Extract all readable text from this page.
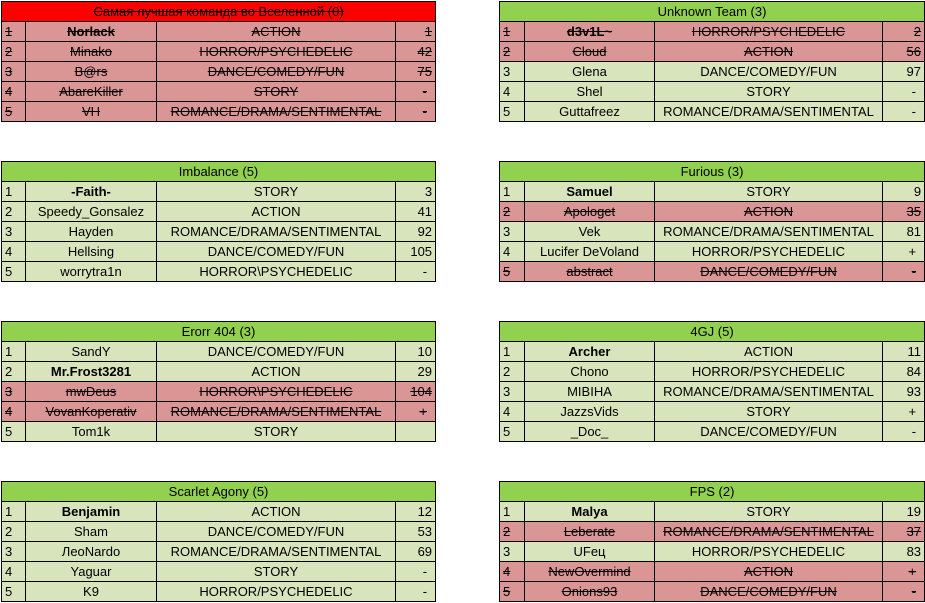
Самая лучшая команда во Вселенной (0)			
1	Norlack	ACTION	1
2	Minako	HORROR/PSYCHEDELIC	42
3	B@rs	DANCE/COMEDY/FUN	75
4	AbareKiller	STORY	-
5	VH	ROMANCE/DRAMA/SENTIMENTAL	-
Unknown Team (3)			
1	d3v1L~	HORROR/PSYCHEDELIC	2
2	Cloud	ACTION	56
3	Glena	DANCE/COMEDY/FUN	97
4	Shel	STORY	-
5	Guttafreez	ROMANCE/DRAMA/SENTIMENTAL	-
Imbalance (5)			
1	-Faith-	STORY	3
2	Speedy_Gonsalez	ACTION	41
3	Hayden	ROMANCE/DRAMA/SENTIMENTAL	92
4	Hellsing	DANCE/COMEDY/FUN	105
5	worrytra1n	HORROR\PSYCHEDELIC	-
Furious (3)			
1	Samuel	STORY	9
2	Apologet	ACTION	35
3	Vek	ROMANCE/DRAMA/SENTIMENTAL	81
4	Lucifer DeVoland	HORROR/PSYCHEDELIC	+
5	abstract	DANCE/COMEDY/FUN	-
Erorr 404 (3)			
1	SandY	DANCE/COMEDY/FUN	10
2	Mr.Frost3281	ACTION	29
3	mwDeus	HORROR\PSYCHEDELIC	104
4	VovanKoperativ	ROMANCE/DRAMA/SENTIMENTAL	+
5	Tom1k	STORY	
4GJ (5)			
1	Archer	ACTION	11
2	Chono	HORROR/PSYCHEDELIC	84
3	MIBIHA	ROMANCE/DRAMA/SENTIMENTAL	93
4	JazzsVids	STORY	+
5	_Doc_	DANCE/COMEDY/FUN	-
Scarlet Agony (5)			
1	Benjamin	ACTION	12
2	Sham	DANCE/COMEDY/FUN	53
3	ЛеоNardo	ROMANCE/DRAMA/SENTIMENTAL	69
4	Yaguar	STORY	-
5	K9	HORROR/PSYCHEDELIC	-
FPS (2)			
1	Malya	STORY	19
2	Leberate	ROMANCE/DRAMA/SENTIMENTAL	37
3	UFец	HORROR/PSYCHEDELIC	83
4	NewOvermind	ACTION	+
5	Onions93	DANCE/COMEDY/FUN	-
